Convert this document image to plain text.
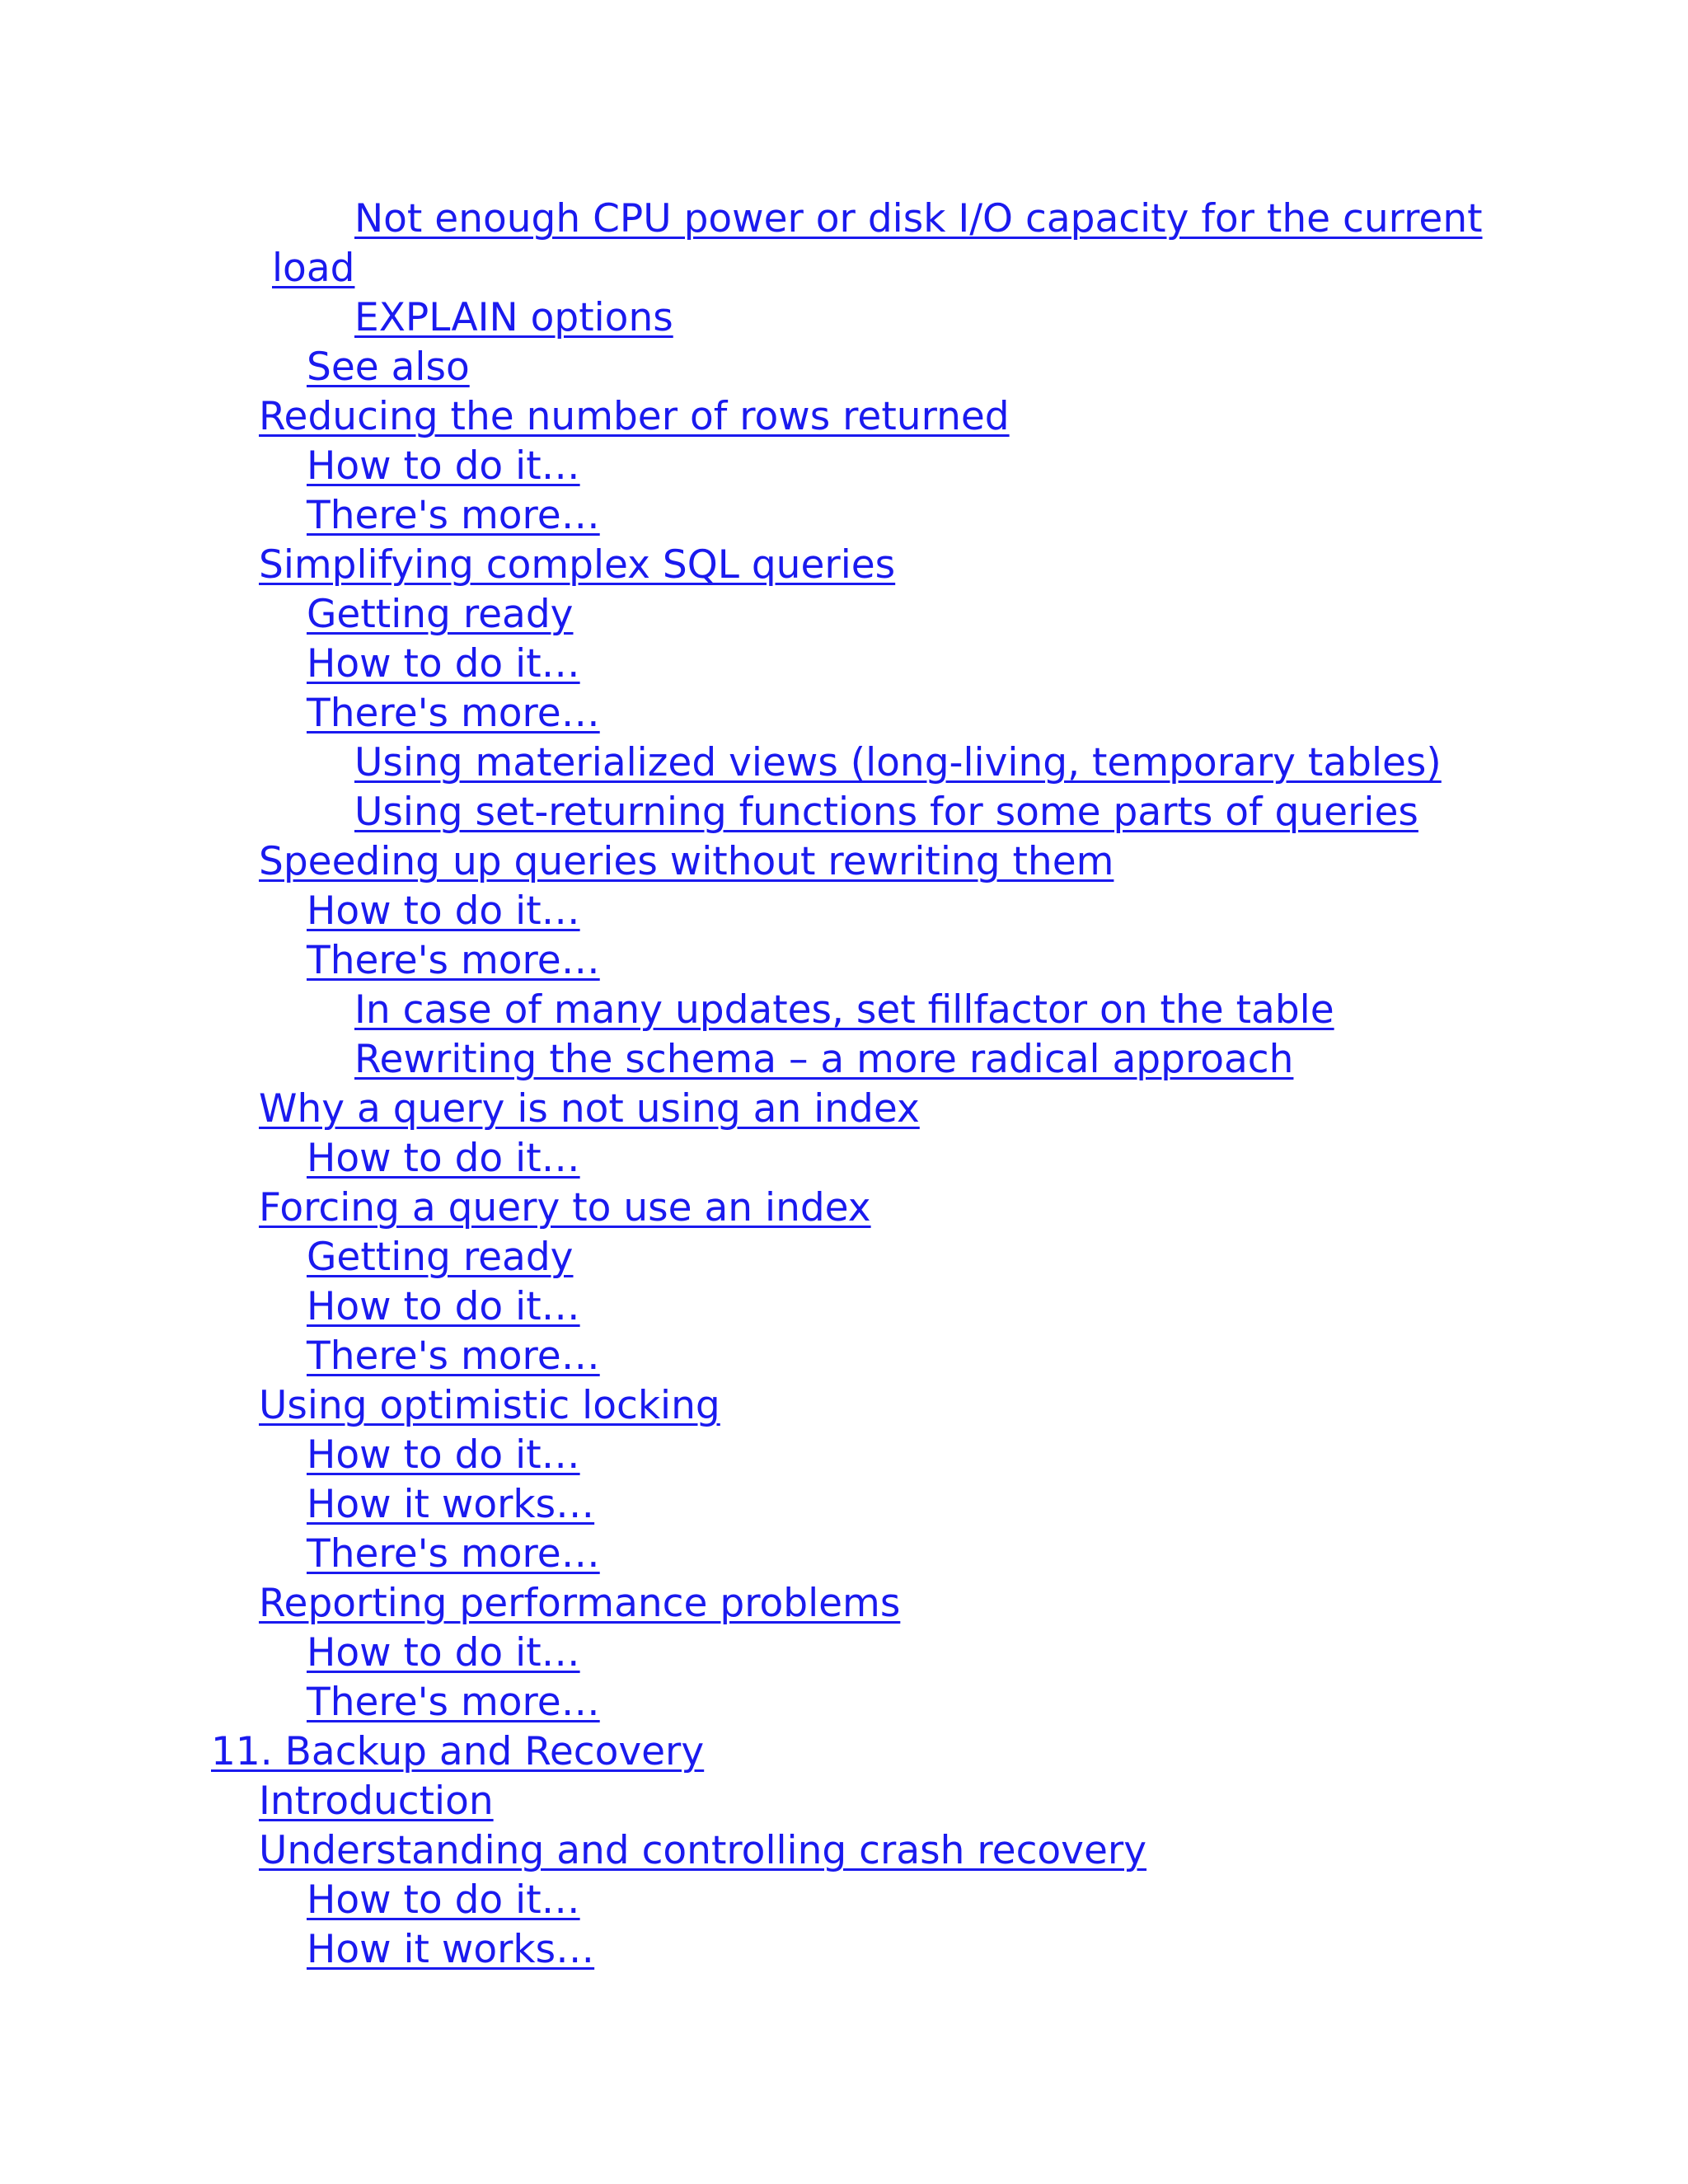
Not enough CPU power or disk I/O capacity for the current
load
EXPLAIN options
See also
Reducing the number of rows returned
How to do it…
There's more…
Simplifying complex SQL queries
Getting ready
How to do it…
There's more…
Using materialized views (long-living, temporary tables)
Using set-returning functions for some parts of queries
Speeding up queries without rewriting them
How to do it…
There's more…
In case of many updates, set fillfactor on the table
Rewriting the schema – a more radical approach
Why a query is not using an index
How to do it…
Forcing a query to use an index
Getting ready
How to do it…
There's more…
Using optimistic locking
How to do it…
How it works…
There's more…
Reporting performance problems
How to do it…
There's more…
11. Backup and Recovery
Introduction
Understanding and controlling crash recovery
How to do it…
How it works…
